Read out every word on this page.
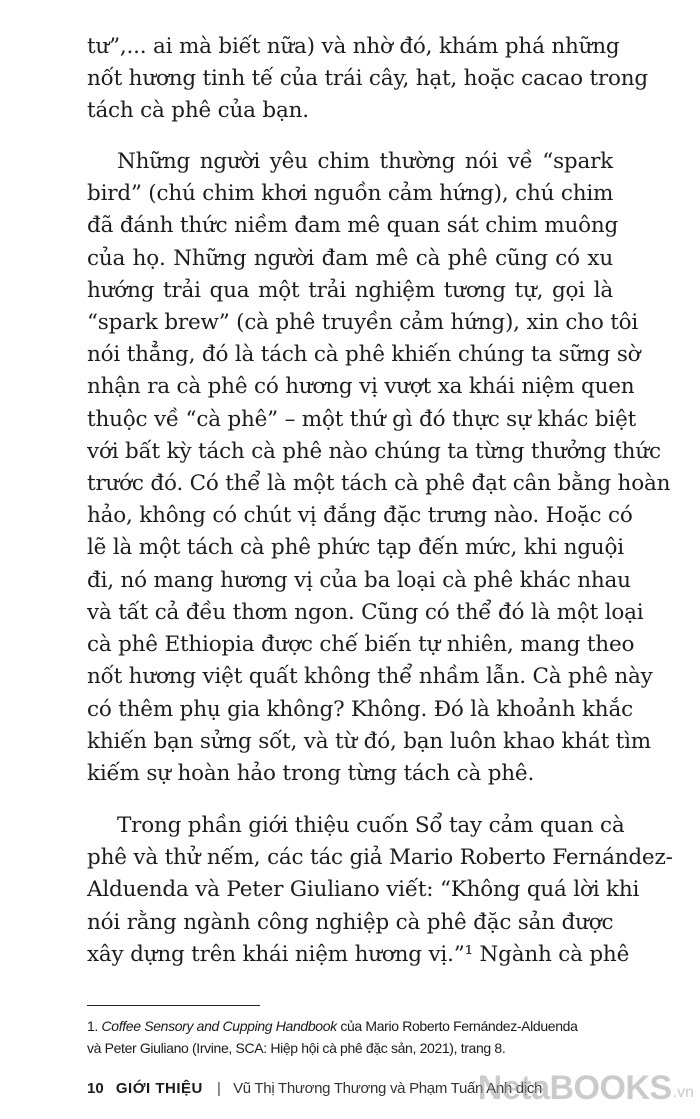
tư”,... ai mà biết nữa) và nhờ đó, khám phá những
nốt hương tinh tế của trái cây, hạt, hoặc cacao trong
tách cà phê của bạn.
Những người yêu chim thường nói về “spark
bird” (chú chim khơi nguồn cảm hứng), chú chim
đã đánh thức niềm đam mê quan sát chim muông
của họ. Những người đam mê cà phê cũng có xu
hướng trải qua một trải nghiệm tương tự, gọi là
“spark brew” (cà phê truyền cảm hứng), xin cho tôi
nói thẳng, đó là tách cà phê khiến chúng ta sững sờ
nhận ra cà phê có hương vị vượt xa khái niệm quen
thuộc về “cà phê” – một thứ gì đó thực sự khác biệt
với bất kỳ tách cà phê nào chúng ta từng thưởng thức
trước đó. Có thể là một tách cà phê đạt cân bằng hoàn
hảo, không có chút vị đắng đặc trưng nào. Hoặc có
lẽ là một tách cà phê phức tạp đến mức, khi nguội
đi, nó mang hương vị của ba loại cà phê khác nhau
và tất cả đều thơm ngon. Cũng có thể đó là một loại
cà phê Ethiopia được chế biến tự nhiên, mang theo
nốt hương việt quất không thể nhầm lẫn. Cà phê này
có thêm phụ gia không? Không. Đó là khoảnh khắc
khiến bạn sửng sốt, và từ đó, bạn luôn khao khát tìm
kiếm sự hoàn hảo trong từng tách cà phê.
Trong phần giới thiệu cuốn Sổ tay cảm quan cà
phê và thử nếm, các tác giả Mario Roberto Fernández-
Alduenda và Peter Giuliano viết: “Không quá lời khi
nói rằng ngành công nghiệp cà phê đặc sản được
xây dựng trên khái niệm hương vị.”¹ Ngành cà phê
1. Coffee Sensory and Cupping Handbook của Mario Roberto Fernández-Alduenda
và Peter Giuliano (Irvine, SCA: Hiệp hội cà phê đặc sản, 2021), trang 8.
10 GIỚI THIỆU | Vũ Thị Thương Thương và Phạm Tuấn Anh dịch
NetaBOOKS .vn
